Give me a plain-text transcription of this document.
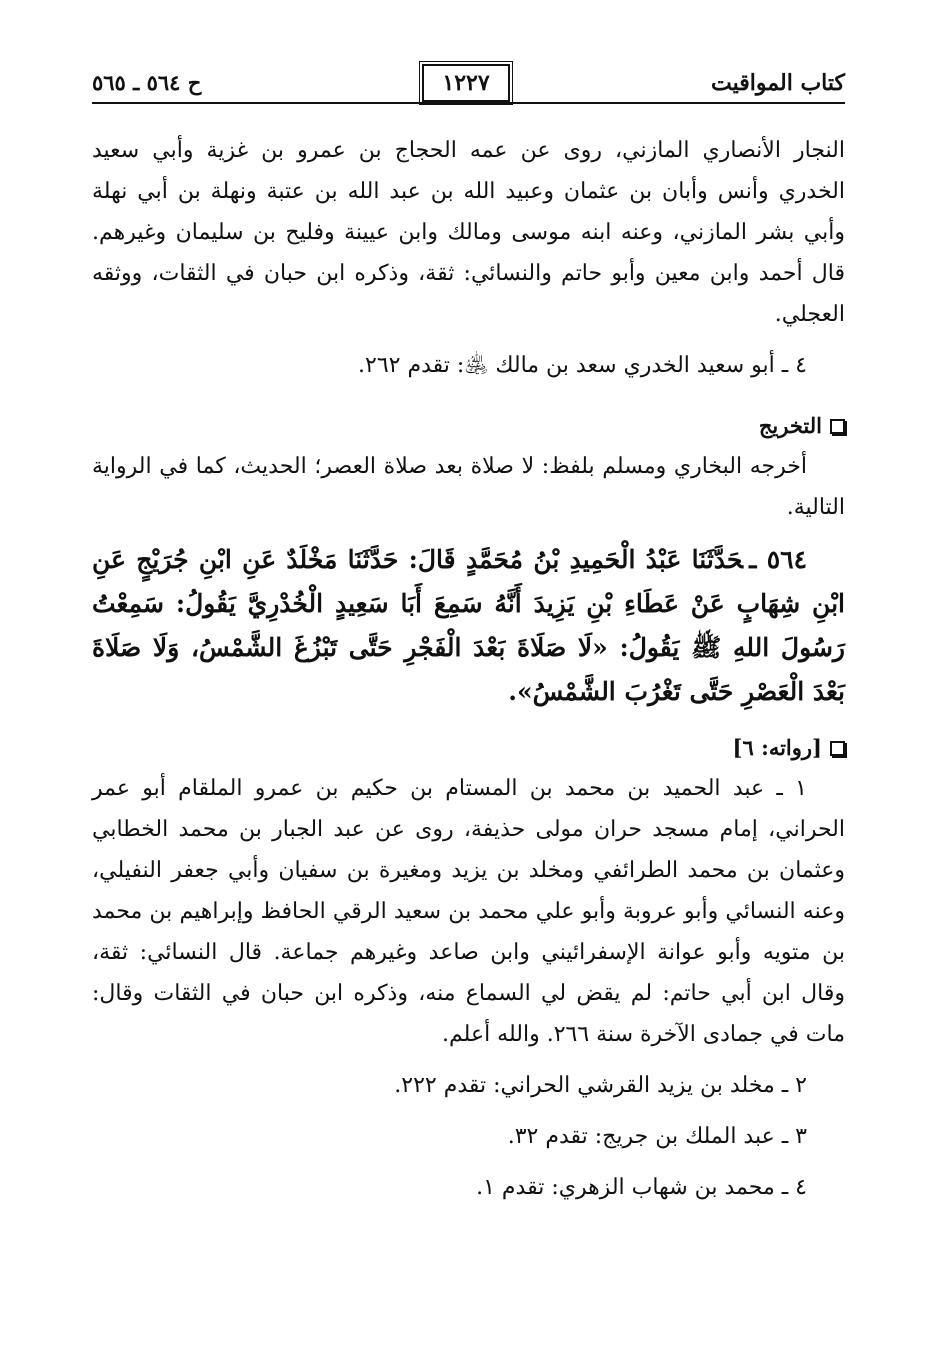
كتاب المواقيت
١٢٢٧
ح ٥٦٤ ـ ٥٦٥

النجار الأنصاري المازني، روى عن عمه الحجاج بن عمرو بن غزية وأبي سعيد الخدري وأنس وأبان بن عثمان وعبيد الله بن عبد الله بن عتبة ونهلة بن أبي نهلة وأبي بشر المازني، وعنه ابنه موسى ومالك وابن عيينة وفليح بن سليمان وغيرهم. قال أحمد وابن معين وأبو حاتم والنسائي: ثقة، وذكره ابن حبان في الثقات، ووثقه العجلي.

٤ ـ أبو سعيد الخدري سعد بن مالك ﵁: تقدم ٢٦٢.

التخريج

أخرجه البخاري ومسلم بلفظ: لا صلاة بعد صلاة العصر؛ الحديث، كما في الرواية التالية.

٥٦٤ ـحَدَّثَنَا عَبْدُ الْحَمِيدِ بْنُ مُحَمَّدٍ قَالَ: حَدَّثَنَا مَخْلَدٌ عَنِ ابْنِ جُرَيْجٍ عَنِ ابْنِ شِهَابٍ عَنْ عَطَاءِ بْنِ يَزِيدَ أَنَّهُ سَمِعَ أَبَا سَعِيدٍ الْخُدْرِيَّ يَقُولُ: سَمِعْتُ رَسُولَ اللهِ ﷺ يَقُولُ: «لَا صَلَاةَ بَعْدَ الْفَجْرِ حَتَّى تَبْزُغَ الشَّمْسُ، وَلَا صَلَاةَ بَعْدَ الْعَصْرِ حَتَّى تَغْرُبَ الشَّمْسُ».

[رواته: ٦]

١ ـ عبد الحميد بن محمد بن المستام بن حكيم بن عمرو الملقام أبو عمر الحراني، إمام مسجد حران مولى حذيفة، روى عن عبد الجبار بن محمد الخطابي وعثمان بن محمد الطرائفي ومخلد بن يزيد ومغيرة بن سفيان وأبي جعفر النفيلي، وعنه النسائي وأبو عروبة وأبو علي محمد بن سعيد الرقي الحافظ وإبراهيم بن محمد بن متويه وأبو عوانة الإسفرائيني وابن صاعد وغيرهم جماعة. قال النسائي: ثقة، وقال ابن أبي حاتم: لم يقض لي السماع منه، وذكره ابن حبان في الثقات وقال: مات في جمادى الآخرة سنة ٢٦٦. والله أعلم.

٢ ـ مخلد بن يزيد القرشي الحراني: تقدم ٢٢٢.

٣ ـ عبد الملك بن جريج: تقدم ٣٢.

٤ ـ محمد بن شهاب الزهري: تقدم ١.
